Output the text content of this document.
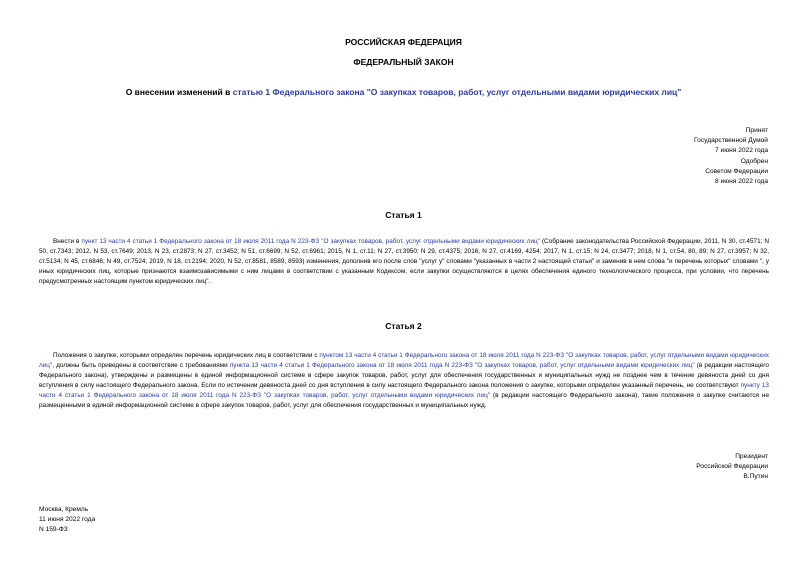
РОССИЙСКАЯ ФЕДЕРАЦИЯ
ФЕДЕРАЛЬНЫЙ ЗАКОН
О внесении изменений в статью 1 Федерального закона "О закупках товаров, работ, услуг отдельными видами юридических лиц"
Принят
Государственной Думой
7 июня 2022 года
Одобрен
Советом Федерации
8 июня 2022 года
Статья 1
Внести в пункт 13 части 4 статьи 1 Федерального закона от 18 июля 2011 года N 223-ФЗ "О закупках товаров, работ, услуг отдельными видами юридических лиц" (Собрание законодательства Российской Федерации, 2011, N 30, ст.4571; N 50, ст.7343; 2012, N 53, ст.7649; 2013, N 23, ст.2873; N 27, ст.3452; N 51, ст.6699; N 52, ст.6961; 2015, N 1, ст.11; N 27, ст.3950; N 29, ст.4375; 2016, N 27, ст.4169, 4254; 2017, N 1, ст.15; N 24, ст.3477; 2018, N 1, ст.54, 80, 89; N 27, ст.3957; N 32, ст.5134; N 45, ст.6846; N 49, ст.7524; 2019, N 18, ст.2194; 2020, N 52, ст.8581, 8589, 8593) изменения, дополнив его после слов "услуг у" словами "указанных в части 2 настоящей статьи" и заменив в нем слова "и перечень которых" словами ", у иных юридических лиц, которые признаются взаимозависимыми с ним лицами в соответствии с указанным Кодексом, если закупки осуществляются в целях обеспечения единого технологического процесса, при условии, что перечень предусмотренных настоящим пунктом юридических лиц".
Статья 2
Положения о закупке, которыми определен перечень юридических лиц в соответствии с пунктом 13 части 4 статьи 1 Федерального закона от 18 июля 2011 года N 223-ФЗ "О закупках товаров, работ, услуг отдельными видами юридических лиц", должны быть приведены в соответствие с требованиями пункта 13 части 4 статьи 1 Федерального закона от 18 июля 2011 года N 223-ФЗ "О закупках товаров, работ, услуг отдельными видами юридических лиц" (в редакции настоящего Федерального закона), утверждены и размещены в единой информационной системе в сфере закупок товаров, работ, услуг для обеспечения государственных и муниципальных нужд не позднее чем в течение девяноста дней со дня вступления в силу настоящего Федерального закона. Если по истечении девяноста дней со дня вступления в силу настоящего Федерального закона положения о закупке, которыми определен указанный перечень, не соответствуют пункту 13 части 4 статьи 1 Федерального закона от 18 июля 2011 года N 223-ФЗ "О закупках товаров, работ, услуг отдельными видами юридических лиц" (в редакции настоящего Федерального закона), такие положения о закупке считаются не размещенными в единой информационной системе в сфере закупок товаров, работ, услуг для обеспечения государственных и муниципальных нужд.
Президент
Российской Федерации
В.Путин
Москва, Кремль
11 июня 2022 года
N 159-ФЗ
